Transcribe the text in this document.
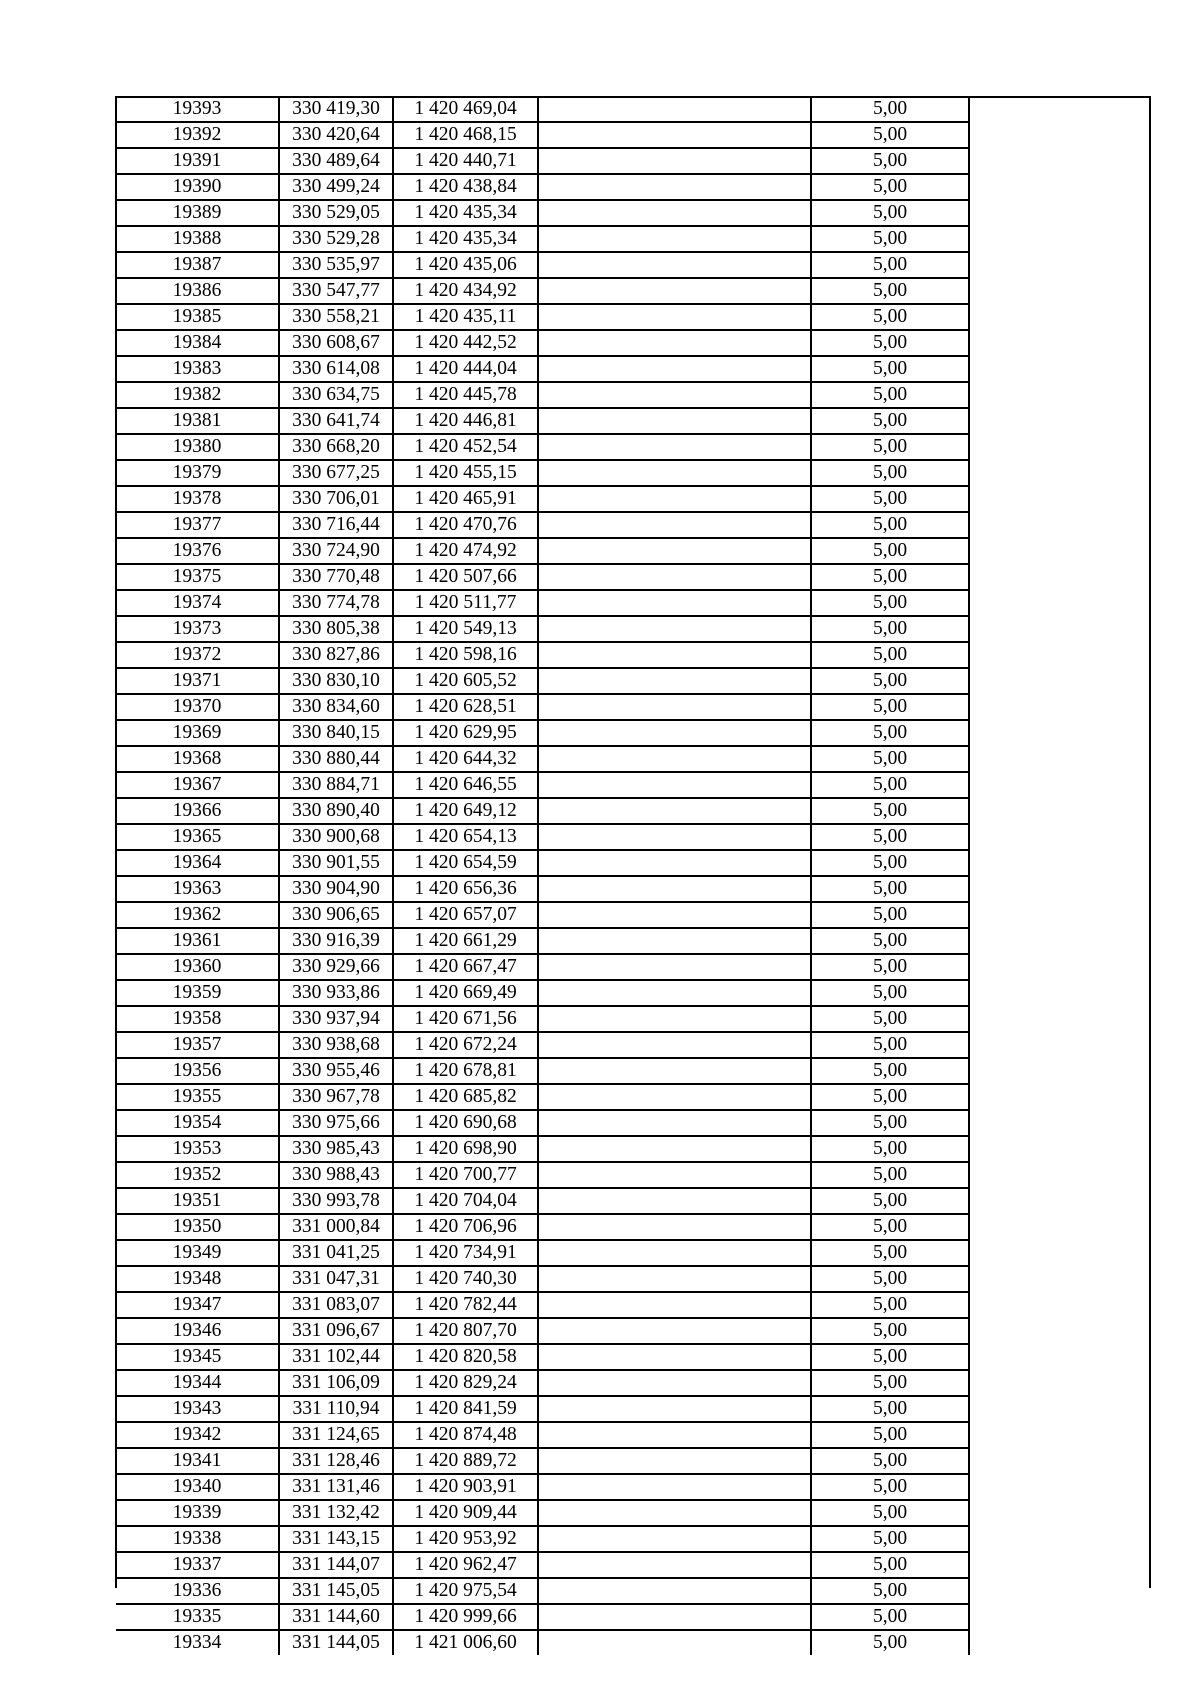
19393	330 419,30	1 420 469,04		5,00	
19392	330 420,64	1 420 468,15		5,00	
19391	330 489,64	1 420 440,71		5,00	
19390	330 499,24	1 420 438,84		5,00	
19389	330 529,05	1 420 435,34		5,00	
19388	330 529,28	1 420 435,34		5,00	
19387	330 535,97	1 420 435,06		5,00	
19386	330 547,77	1 420 434,92		5,00	
19385	330 558,21	1 420 435,11		5,00	
19384	330 608,67	1 420 442,52		5,00	
19383	330 614,08	1 420 444,04		5,00	
19382	330 634,75	1 420 445,78		5,00	
19381	330 641,74	1 420 446,81		5,00	
19380	330 668,20	1 420 452,54		5,00	
19379	330 677,25	1 420 455,15		5,00	
19378	330 706,01	1 420 465,91		5,00	
19377	330 716,44	1 420 470,76		5,00	
19376	330 724,90	1 420 474,92		5,00	
19375	330 770,48	1 420 507,66		5,00	
19374	330 774,78	1 420 511,77		5,00	
19373	330 805,38	1 420 549,13		5,00	
19372	330 827,86	1 420 598,16		5,00	
19371	330 830,10	1 420 605,52		5,00	
19370	330 834,60	1 420 628,51		5,00	
19369	330 840,15	1 420 629,95		5,00	
19368	330 880,44	1 420 644,32		5,00	
19367	330 884,71	1 420 646,55		5,00	
19366	330 890,40	1 420 649,12		5,00	
19365	330 900,68	1 420 654,13		5,00	
19364	330 901,55	1 420 654,59		5,00	
19363	330 904,90	1 420 656,36		5,00	
19362	330 906,65	1 420 657,07		5,00	
19361	330 916,39	1 420 661,29		5,00	
19360	330 929,66	1 420 667,47		5,00	
19359	330 933,86	1 420 669,49		5,00	
19358	330 937,94	1 420 671,56		5,00	
19357	330 938,68	1 420 672,24		5,00	
19356	330 955,46	1 420 678,81		5,00	
19355	330 967,78	1 420 685,82		5,00	
19354	330 975,66	1 420 690,68		5,00	
19353	330 985,43	1 420 698,90		5,00	
19352	330 988,43	1 420 700,77		5,00	
19351	330 993,78	1 420 704,04		5,00	
19350	331 000,84	1 420 706,96		5,00	
19349	331 041,25	1 420 734,91		5,00	
19348	331 047,31	1 420 740,30		5,00	
19347	331 083,07	1 420 782,44		5,00	
19346	331 096,67	1 420 807,70		5,00	
19345	331 102,44	1 420 820,58		5,00	
19344	331 106,09	1 420 829,24		5,00	
19343	331 110,94	1 420 841,59		5,00	
19342	331 124,65	1 420 874,48		5,00	
19341	331 128,46	1 420 889,72		5,00	
19340	331 131,46	1 420 903,91		5,00	
19339	331 132,42	1 420 909,44		5,00	
19338	331 143,15	1 420 953,92		5,00	
19337	331 144,07	1 420 962,47		5,00	
19336	331 145,05	1 420 975,54		5,00	
19335	331 144,60	1 420 999,66		5,00	
19334	331 144,05	1 421 006,60		5,00	
